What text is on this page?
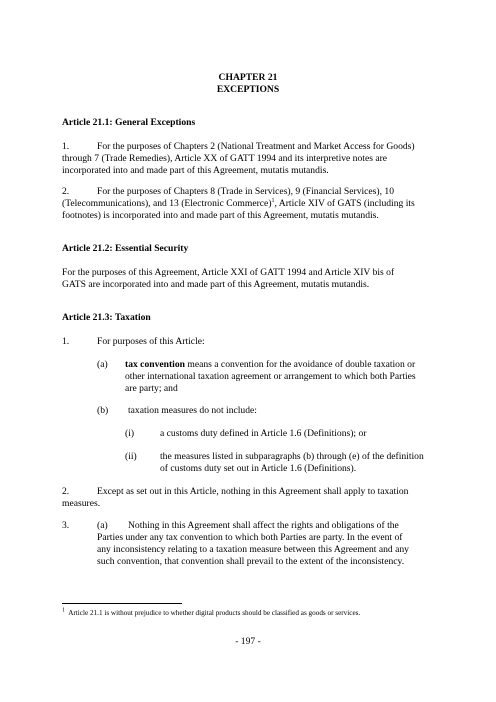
CHAPTER 21
EXCEPTIONS
Article 21.1: General Exceptions
1.	For the purposes of Chapters 2 (National Treatment and Market Access for Goods)
through 7 (Trade Remedies), Article XX of GATT 1994 and its interpretive notes are
incorporated into and made part of this Agreement, mutatis mutandis.
2.	For the purposes of Chapters 8 (Trade in Services), 9 (Financial Services), 10
(Telecommunications), and 13 (Electronic Commerce)$^1$, Article XIV of GATS (including its
footnotes) is incorporated into and made part of this Agreement, mutatis mutandis.
Article 21.2: Essential Security
For the purposes of this Agreement, Article XXI of GATT 1994 and Article XIV bis of
GATS are incorporated into and made part of this Agreement, mutatis mutandis.
Article 21.3: Taxation
1.	For purposes of this Article:
(a) tax convention means a convention for the avoidance of double taxation or
other international taxation agreement or arrangement to which both Parties
are party; and
(b) taxation measures do not include:
(i)	a customs duty defined in Article 1.6 (Definitions); or
(ii) the measures listed in subparagraphs (b) through (e) of the definition
of customs duty set out in Article 1.6 (Definitions).
2.	Except as set out in this Article, nothing in this Agreement shall apply to taxation
measures.
3.	(a) Nothing in this Agreement shall affect the rights and obligations of the
Parties under any tax convention to which both Parties are party. In the event of
any inconsistency relating to a taxation measure between this Agreement and any
such convention, that convention shall prevail to the extent of the inconsistency.
$^1$ Article 21.1 is without prejudice to whether digital products should be classified as goods or services.
- 197 -
